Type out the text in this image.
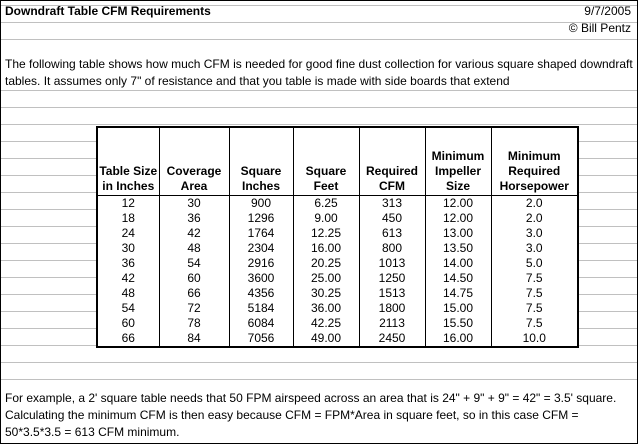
Downdraft Table CFM Requirements	9/7/2005
© Bill Pentz
The following table shows how much CFM is needed for good fine dust collection for various square shaped downdraft tables. It assumes only 7" of resistance and that you table is made with side boards that extend
Table Size in Inches	Coverage Area	Square Inches	Square Feet	Required CFM	Minimum Impeller Size	Minimum Required Horsepower
12	30	900	6.25	313	12.00	2.0
18	36	1296	9.00	450	12.00	2.0
24	42	1764	12.25	613	13.00	3.0
30	48	2304	16.00	800	13.50	3.0
36	54	2916	20.25	1013	14.00	5.0
42	60	3600	25.00	1250	14.50	7.5
48	66	4356	30.25	1513	14.75	7.5
54	72	5184	36.00	1800	15.00	7.5
60	78	6084	42.25	2113	15.50	7.5
66	84	7056	49.00	2450	16.00	10.0
For example, a 2' square table needs that 50 FPM airspeed across an area that is 24" + 9" + 9" = 42" = 3.5' square. Calculating the minimum CFM is then easy because CFM = FPM*Area in square feet, so in this case CFM = 50*3.5*3.5 = 613 CFM minimum.
